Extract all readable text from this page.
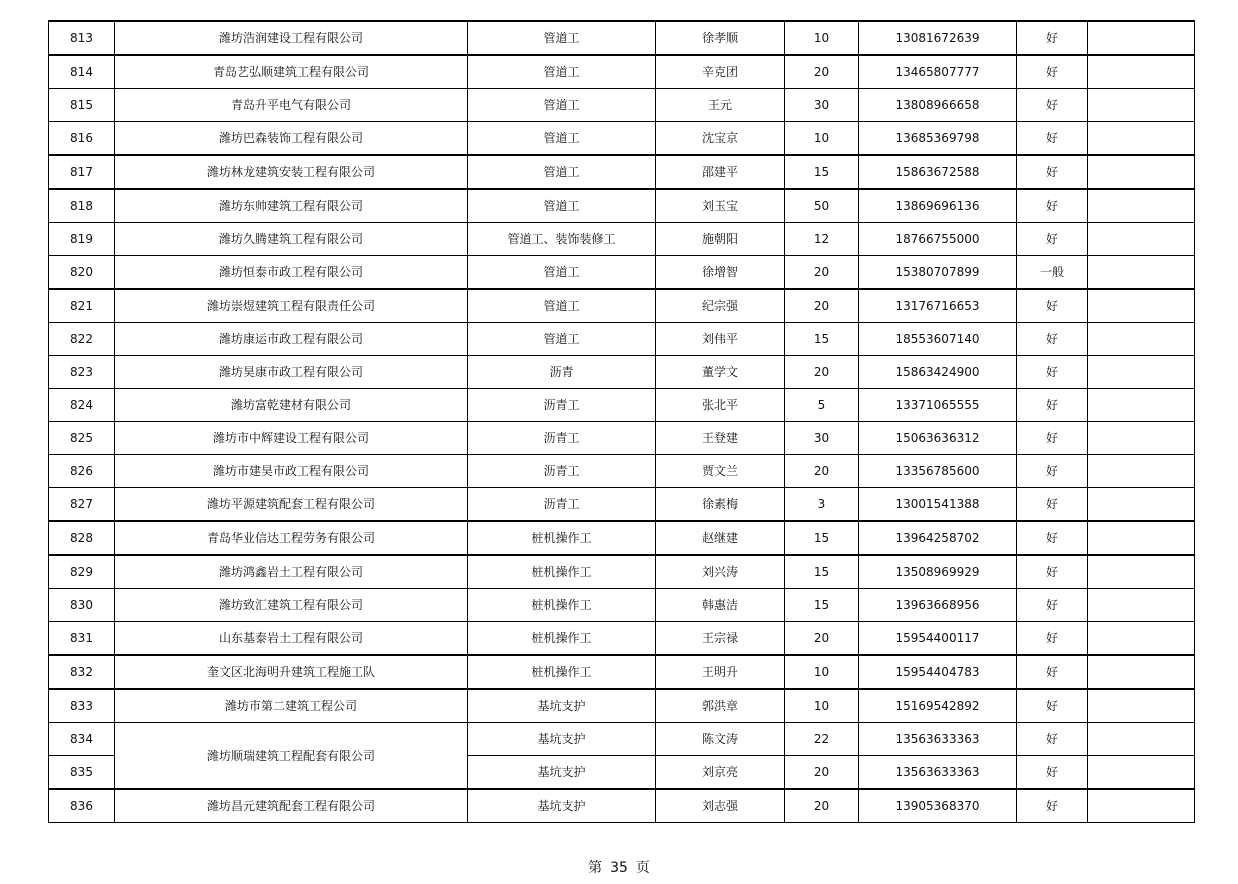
813	潍坊浩润建设工程有限公司	管道工	徐孝顺	10	13081672639	好	
814	青岛艺弘顺建筑工程有限公司	管道工	辛克团	20	13465807777	好	
815	青岛升平电气有限公司	管道工	王元	30	13808966658	好	
816	潍坊巴森装饰工程有限公司	管道工	沈宝京	10	13685369798	好	
817	潍坊林龙建筑安装工程有限公司	管道工	邵建平	15	15863672588	好	
818	潍坊东帅建筑工程有限公司	管道工	刘玉宝	50	13869696136	好	
819	潍坊久腾建筑工程有限公司	管道工、装饰装修工	施朝阳	12	18766755000	好	
820	潍坊恒泰市政工程有限公司	管道工	徐增智	20	15380707899	一般	
821	潍坊崇煜建筑工程有限责任公司	管道工	纪宗强	20	13176716653	好	
822	潍坊康运市政工程有限公司	管道工	刘伟平	15	18553607140	好	
823	潍坊昊康市政工程有限公司	沥青	董学文	20	15863424900	好	
824	潍坊富乾建材有限公司	沥青工	张北平	5	13371065555	好	
825	潍坊市中辉建设工程有限公司	沥青工	王登建	30	15063636312	好	
826	潍坊市建昊市政工程有限公司	沥青工	贾文兰	20	13356785600	好	
827	潍坊平源建筑配套工程有限公司	沥青工	徐素梅	3	13001541388	好	
828	青岛华业信达工程劳务有限公司	桩机操作工	赵继建	15	13964258702	好	
829	潍坊鸿鑫岩土工程有限公司	桩机操作工	刘兴涛	15	13508969929	好	
830	潍坊致汇建筑工程有限公司	桩机操作工	韩惠洁	15	13963668956	好	
831	山东基泰岩土工程有限公司	桩机操作工	王宗禄	20	15954400117	好	
832	奎文区北海明升建筑工程施工队	桩机操作工	王明升	10	15954404783	好	
833	潍坊市第二建筑工程公司	基坑支护	郭洪章	10	15169542892	好	
834	潍坊顺瑞建筑工程配套有限公司	基坑支护	陈文涛	22	13563633363	好	
835		基坑支护	刘京亮	20	13563633363	好	
836	潍坊昌元建筑配套工程有限公司	基坑支护	刘志强	20	13905368370	好	
第 35 页
